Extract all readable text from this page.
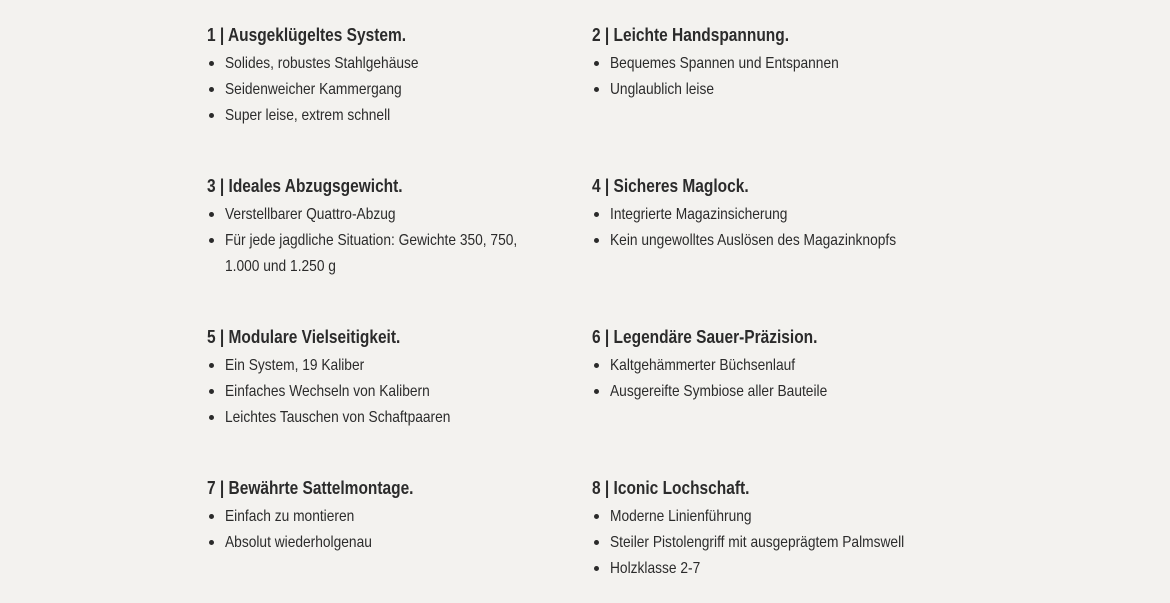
1 | Ausgeklügeltes System.
Solides, robustes Stahlgehäuse
Seidenweicher Kammergang
Super leise, extrem schnell
2 | Leichte Handspannung.
Bequemes Spannen und Entspannen
Unglaublich leise
3 | Ideales Abzugsgewicht.
Verstellbarer Quattro-Abzug
Für jede jagdliche Situation: Gewichte 350, 750, 1.000 und 1.250 g
4 | Sicheres Maglock.
Integrierte Magazinsicherung
Kein ungewolltes Auslösen des Magazinknopfs
5 | Modulare Vielseitigkeit.
Ein System, 19 Kaliber
Einfaches Wechseln von Kalibern
Leichtes Tauschen von Schaftpaaren
6 | Legendäre Sauer-Präzision.
Kaltgehämmerter Büchsenlauf
Ausgereifte Symbiose aller Bauteile
7 | Bewährte Sattelmontage.
Einfach zu montieren
Absolut wiederholgenau
8 | Iconic Lochschaft.
Moderne Linienführung
Steiler Pistolengriff mit ausgeprägtem Palmswell
Holzklasse 2-7
